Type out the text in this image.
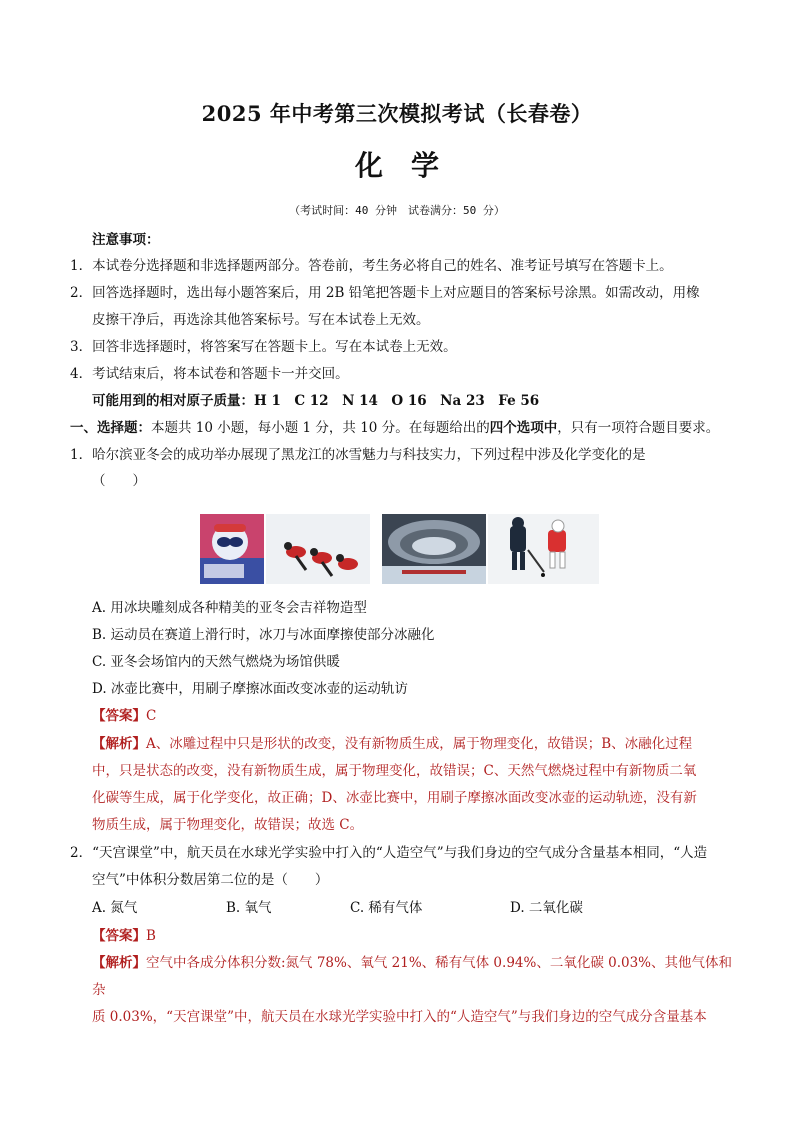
2025 年中考第三次模拟考试（长春卷）
化学
（考试时间：40 分钟　试卷满分：50 分）
注意事项：
1．本试卷分选择题和非选择题两部分。答卷前，考生务必将自己的姓名、准考证号填写在答题卡上。
2．回答选择题时，选出每小题答案后，用 2B 铅笔把答题卡上对应题目的答案标号涂黑。如需改动，用橡
皮擦干净后，再选涂其他答案标号。写在本试卷上无效。
3．回答非选择题时，将答案写在答题卡上。写在本试卷上无效。
4．考试结束后，将本试卷和答题卡一并交回。
可能用到的相对原子质量：H 1　C 12　N 14　O 16　Na 23　Fe 56
一、选择题：本题共 10 小题，每小题 1 分，共 10 分。在每题给出的四个选项中，只有一项符合题目要求。
1．哈尔滨亚冬会的成功举办展现了黑龙江的冰雪魅力与科技实力，下列过程中涉及化学变化的是
（　　）
A. 用冰块雕刻成各种精美的亚冬会吉祥物造型
B. 运动员在赛道上滑行时，冰刀与冰面摩擦使部分冰融化
C. 亚冬会场馆内的天然气燃烧为场馆供暖
D. 冰壶比赛中，用刷子摩擦冰面改变冰壶的运动轨访
【答案】C
【解析】A、冰雕过程中只是形状的改变，没有新物质生成，属于物理变化，故错误；B、冰融化过程
中，只是状态的改变，没有新物质生成，属于物理变化，故错误；C、天然气燃烧过程中有新物质二氧
化碳等生成，属于化学变化，故正确；D、冰壶比赛中，用刷子摩擦冰面改变冰壶的运动轨迹，没有新
物质生成，属于物理变化，故错误；故选 C。
2．“天宫课堂”中，航天员在水球光学实验中打入的“人造空气”与我们身边的空气成分含量基本相同，“人造
空气”中体积分数居第二位的是（　　）
A. 氮气	B. 氧气	C. 稀有气体	D. 二氧化碳
【答案】B
【解析】空气中各成分体积分数:氮气 78%、氧气 21%、稀有气体 0.94%、二氧化碳 0.03%、其他气体和
杂
质 0.03%，“天宫课堂”中，航天员在水球光学实验中打入的“人造空气”与我们身边的空气成分含量基本
